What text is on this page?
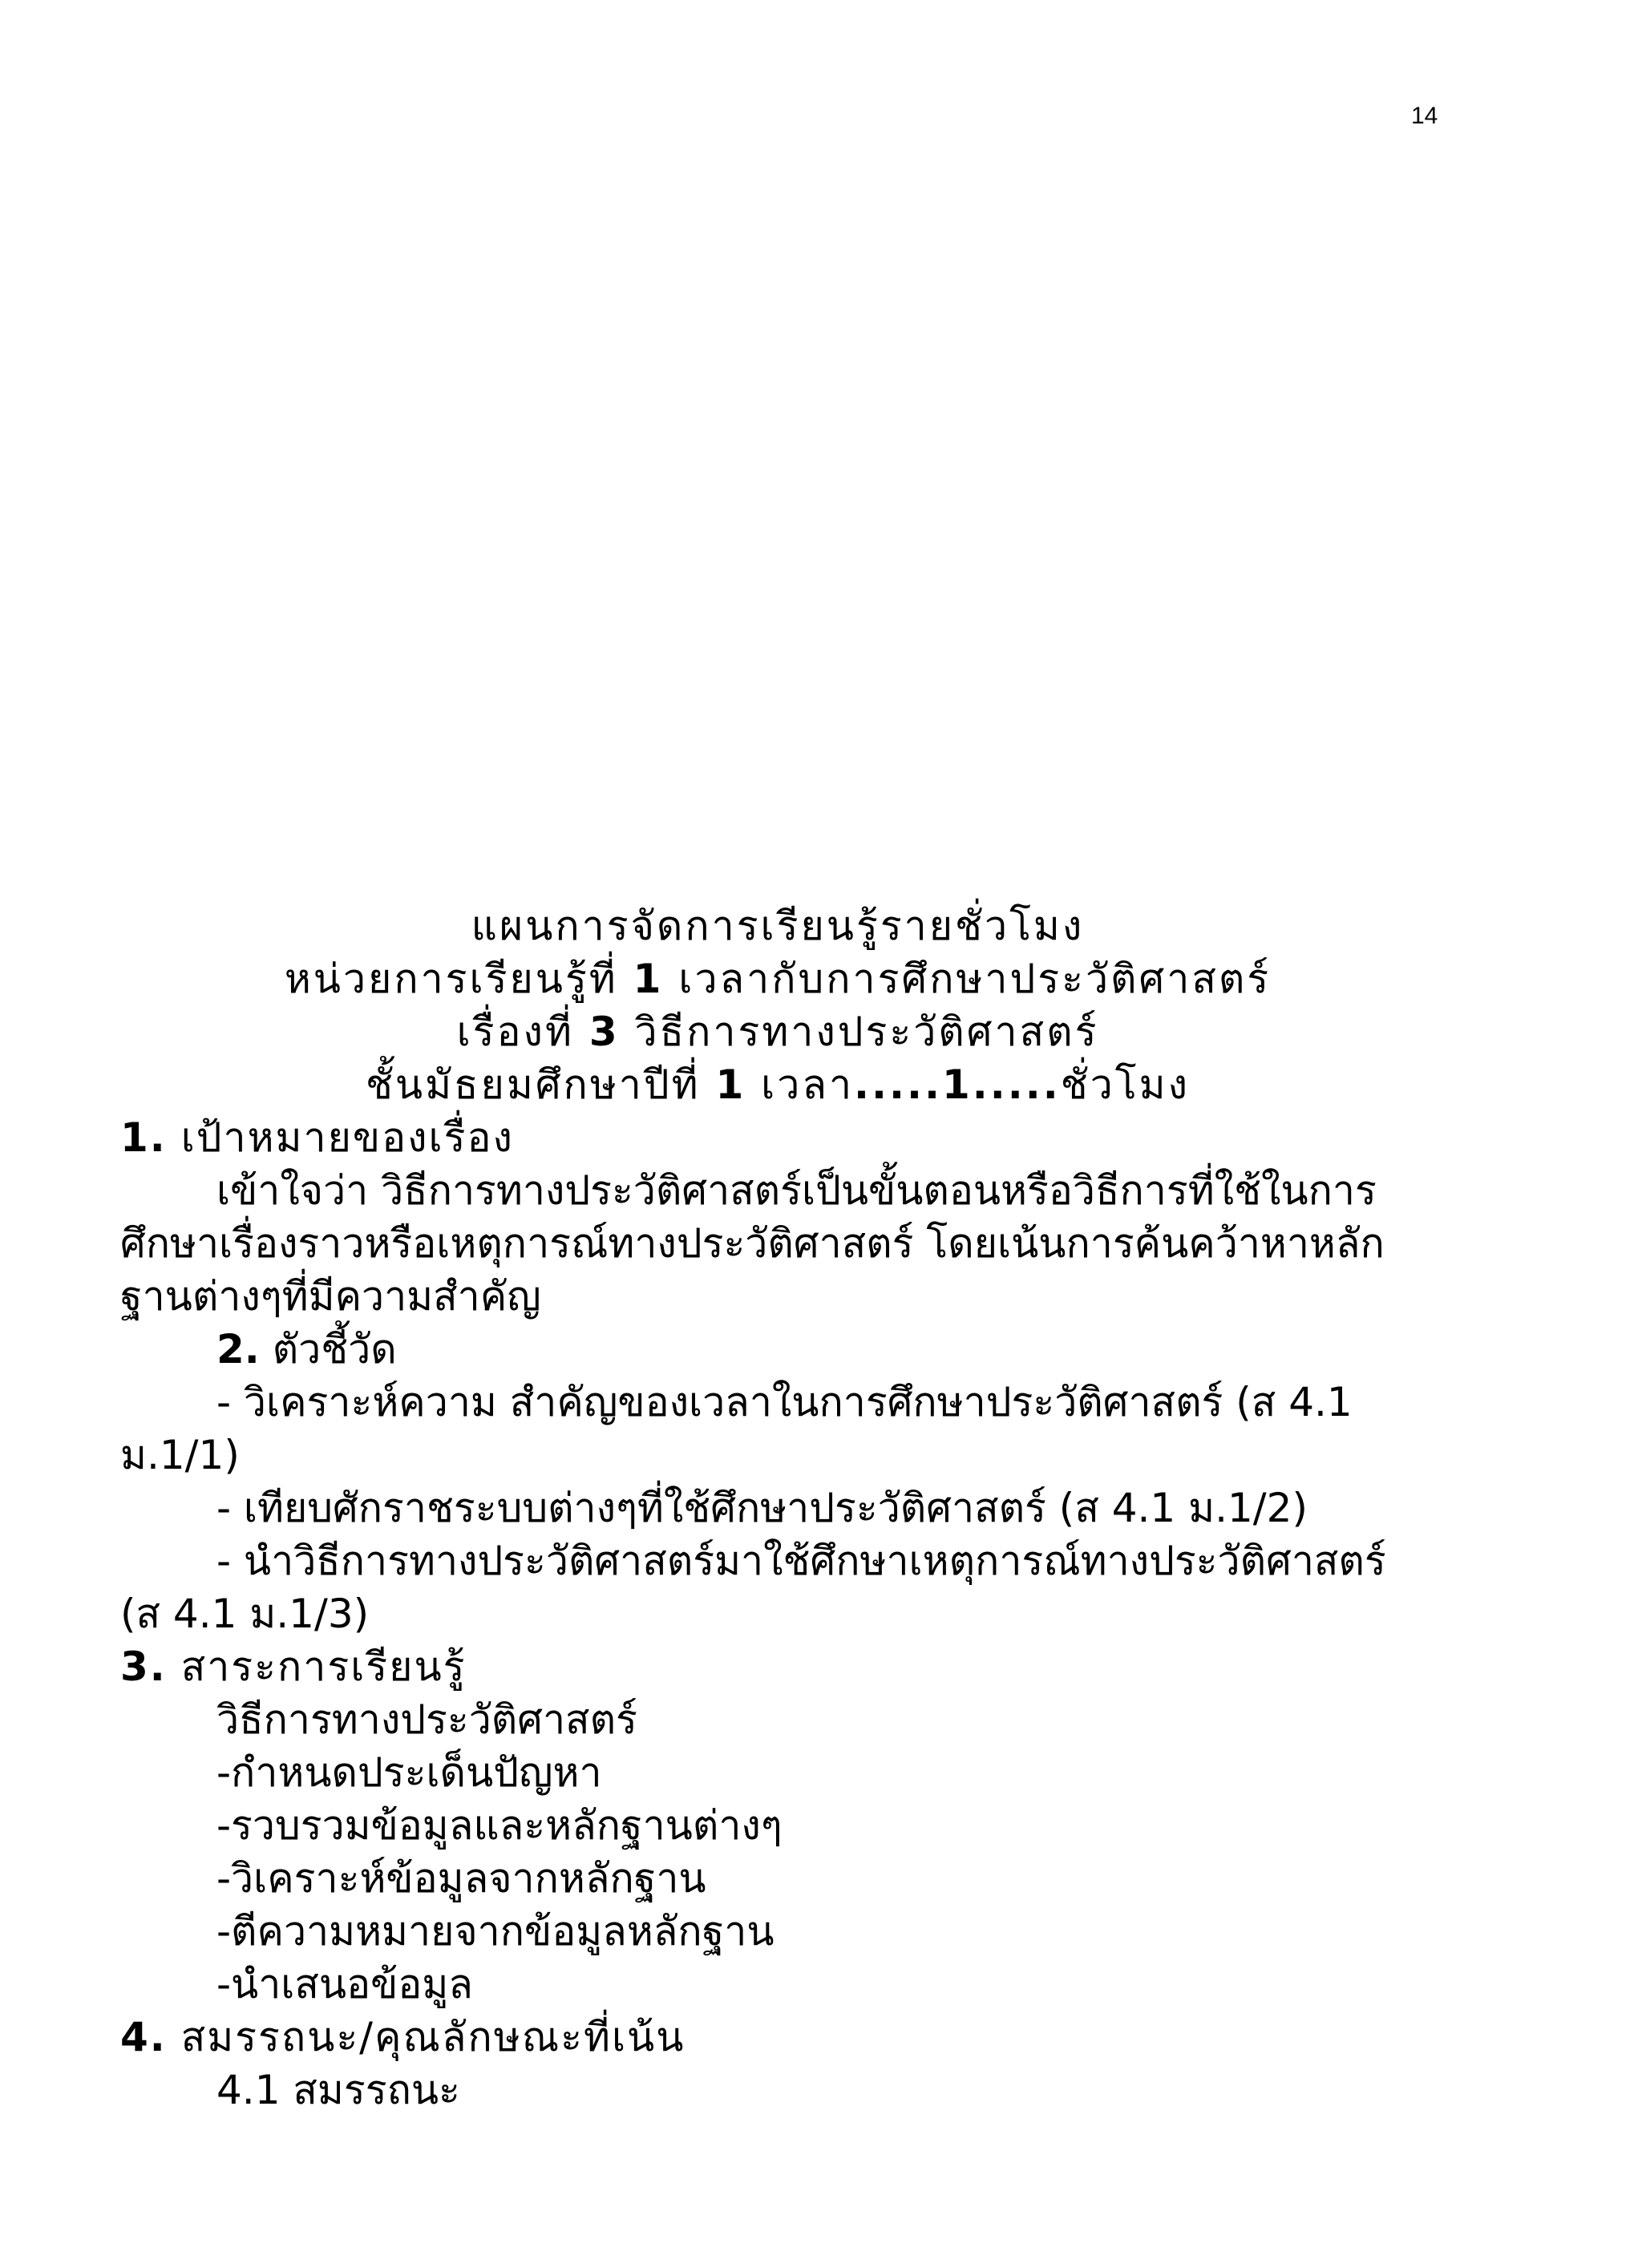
14
แผนการจัดการเรียนรู้รายชั่วโมง
หน่วยการเรียนรู้ที่ 1 เวลากับการศึกษาประวัติศาสตร์
เรื่องที่ 3 วิธีการทางประวัติศาสตร์
ชั้นมัธยมศึกษาปีที่ 1 เวลา.....1.....ชั่วโมง
1. เป้าหมายของเรื่อง
เข้าใจว่า วิธีการทางประวัติศาสตร์เป็นขั้นตอนหรือวิธีการที่ใช้ในการ
ศึกษาเรื่องราวหรือเหตุการณ์ทางประวัติศาสตร์ โดยเน้นการค้นคว้าหาหลัก
ฐานต่างๆที่มีความสำคัญ
2. ตัวชี้วัด
- วิเคราะห์ความ สำคัญของเวลาในการศึกษาประวัติศาสตร์ (ส 4.1
ม.1/1)
- เทียบศักราชระบบต่างๆที่ใช้ศึกษาประวัติศาสตร์ (ส 4.1 ม.1/2)
- นำวิธีการทางประวัติศาสตร์มาใช้ศึกษาเหตุการณ์ทางประวัติศาสตร์
(ส 4.1 ม.1/3)
3. สาระการเรียนรู้
วิธีการทางประวัติศาสตร์
-กำหนดประเด็นปัญหา
-รวบรวมข้อมูลและหลักฐานต่างๆ
-วิเคราะห์ข้อมูลจากหลักฐาน
-ตีความหมายจากข้อมูลหลักฐาน
-นำเสนอข้อมูล
4. สมรรถนะ/คุณลักษณะที่เน้น
4.1 สมรรถนะ
